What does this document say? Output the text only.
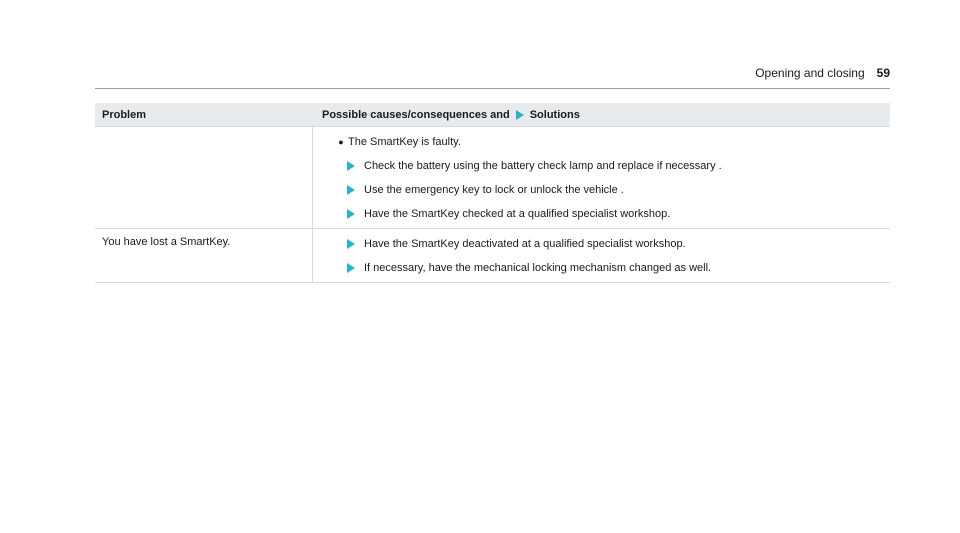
Opening and closing 59
Problem	Possible causes/consequences and Solutions
● The SmartKey is faulty.
Check the battery using the battery check lamp and replace if necessary .
Use the emergency key to lock or unlock the vehicle .
Have the SmartKey checked at a qualified specialist workshop.
You have lost a SmartKey.	Have the SmartKey deactivated at a qualified specialist workshop.
If necessary, have the mechanical locking mechanism changed as well.
